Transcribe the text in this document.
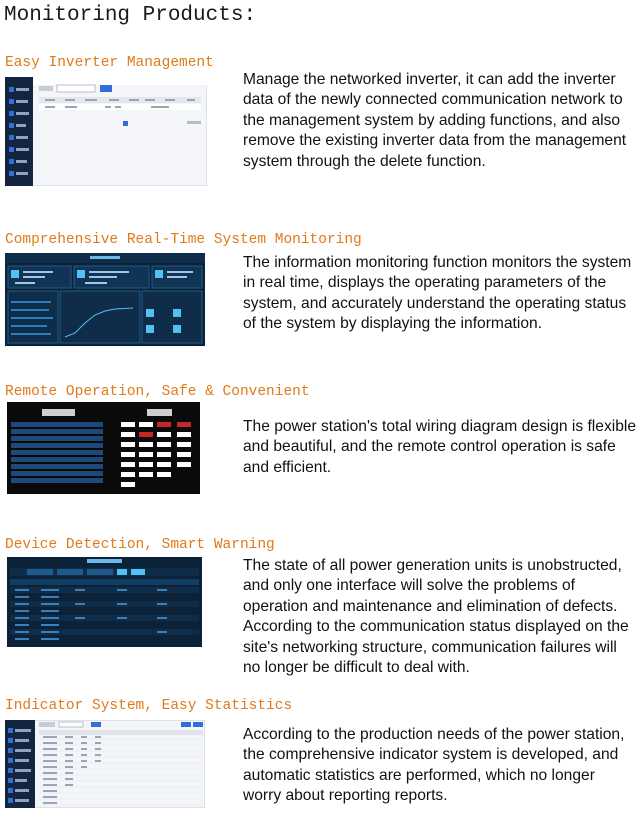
Monitoring Products:
Easy Inverter Management
Manage the networked inverter, it can add the inverter data of the newly connected communication network to the management system by adding functions, and also remove the existing inverter data from the management system through the delete function.
Comprehensive Real-Time System Monitoring
The information monitoring function monitors the system in real time, displays the operating parameters of the system, and accurately understand the operating status of the system by displaying the information.
Remote Operation, Safe & Convenient
The power station's total wiring diagram design is flexible and beautiful, and the remote control operation is safe and efficient.
Device Detection, Smart Warning
The state of all power generation units is unobstructed, and only one interface will solve the problems of operation and maintenance and elimination of defects. According to the communication status displayed on the site's networking structure, communication failures will no longer be difficult to deal with.
Indicator System, Easy Statistics
According to the production needs of the power station, the comprehensive indicator system is developed, and automatic statistics are performed, which no longer worry about reporting reports.
